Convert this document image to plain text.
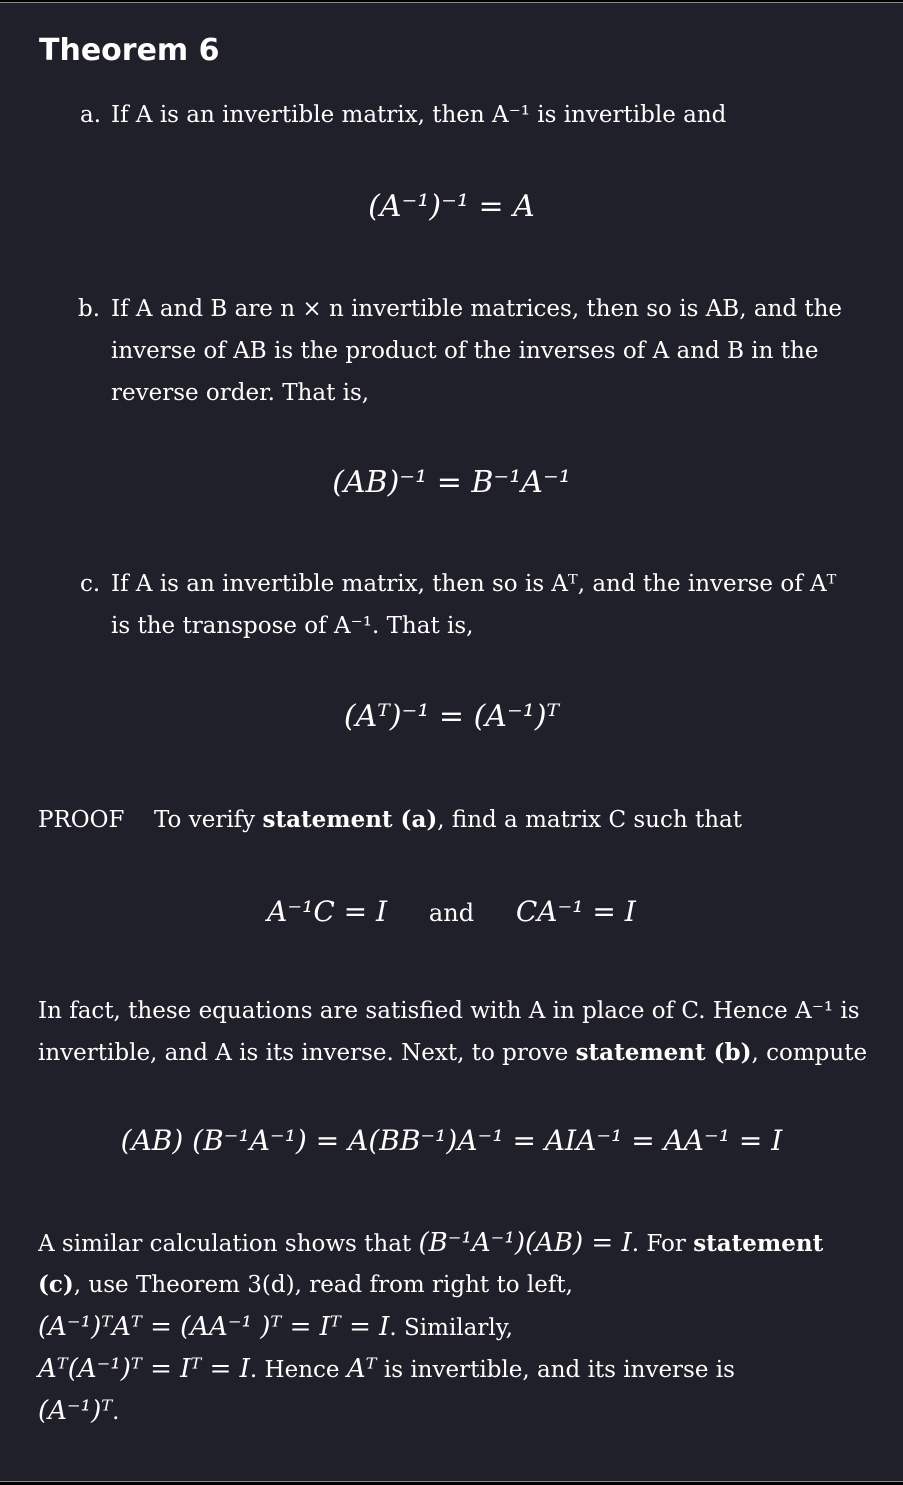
Theorem 6
a. If A is an invertible matrix, then A⁻¹ is invertible and
(A⁻¹)⁻¹ = A
b. If A and B are n × n invertible matrices, then so is AB, and the
inverse of AB is the product of the inverses of A and B in the
reverse order. That is,
(AB)⁻¹ = B⁻¹A⁻¹
c. If A is an invertible matrix, then so is Aᵀ, and the inverse of Aᵀ
is the transpose of A⁻¹. That is,
(Aᵀ)⁻¹ = (A⁻¹)ᵀ
PROOF To verify statement (a), find a matrix C such that
A⁻¹C = I and CA⁻¹ = I
In fact, these equations are satisfied with A in place of C. Hence A⁻¹ is
invertible, and A is its inverse. Next, to prove statement (b), compute
(AB) (B⁻¹A⁻¹) = A(BB⁻¹)A⁻¹ = AIA⁻¹ = AA⁻¹ = I
A similar calculation shows that (B⁻¹A⁻¹)(AB) = I. For statement
(c), use Theorem 3(d), read from right to left,
(A⁻¹)ᵀAᵀ = (AA⁻¹ )ᵀ = Iᵀ = I. Similarly,
Aᵀ(A⁻¹)ᵀ = Iᵀ = I. Hence Aᵀ is invertible, and its inverse is
(A⁻¹)ᵀ.
